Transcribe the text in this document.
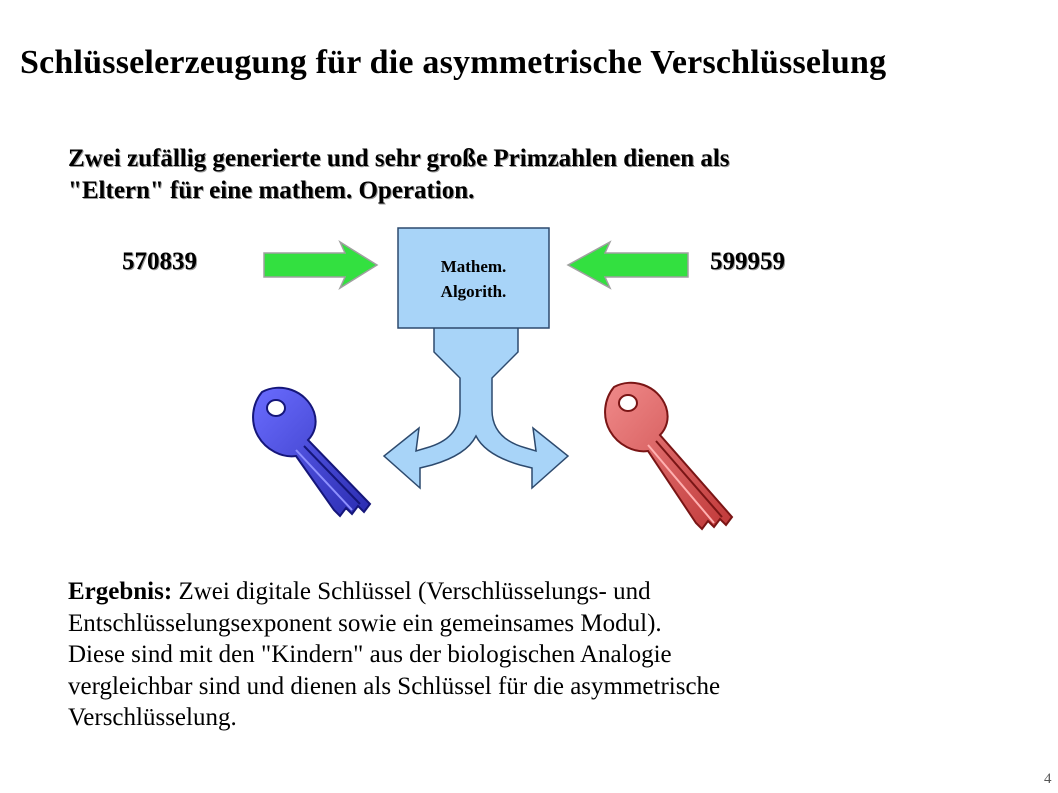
Schlüsselerzeugung für die asymmetrische Verschlüsselung
Zwei zufällig generierte und sehr große Primzahlen dienen als
"Eltern" für eine mathem. Operation.
570839	599959
Mathem.
Algorith.
Ergebnis: Zwei digitale Schlüssel (Verschlüsselungs- und
Entschlüsselungsexponent sowie ein gemeinsames Modul).
Diese sind mit den "Kindern" aus der biologischen Analogie
vergleichbar sind und dienen als Schlüssel für die asymmetrische
Verschlüsselung.
4
